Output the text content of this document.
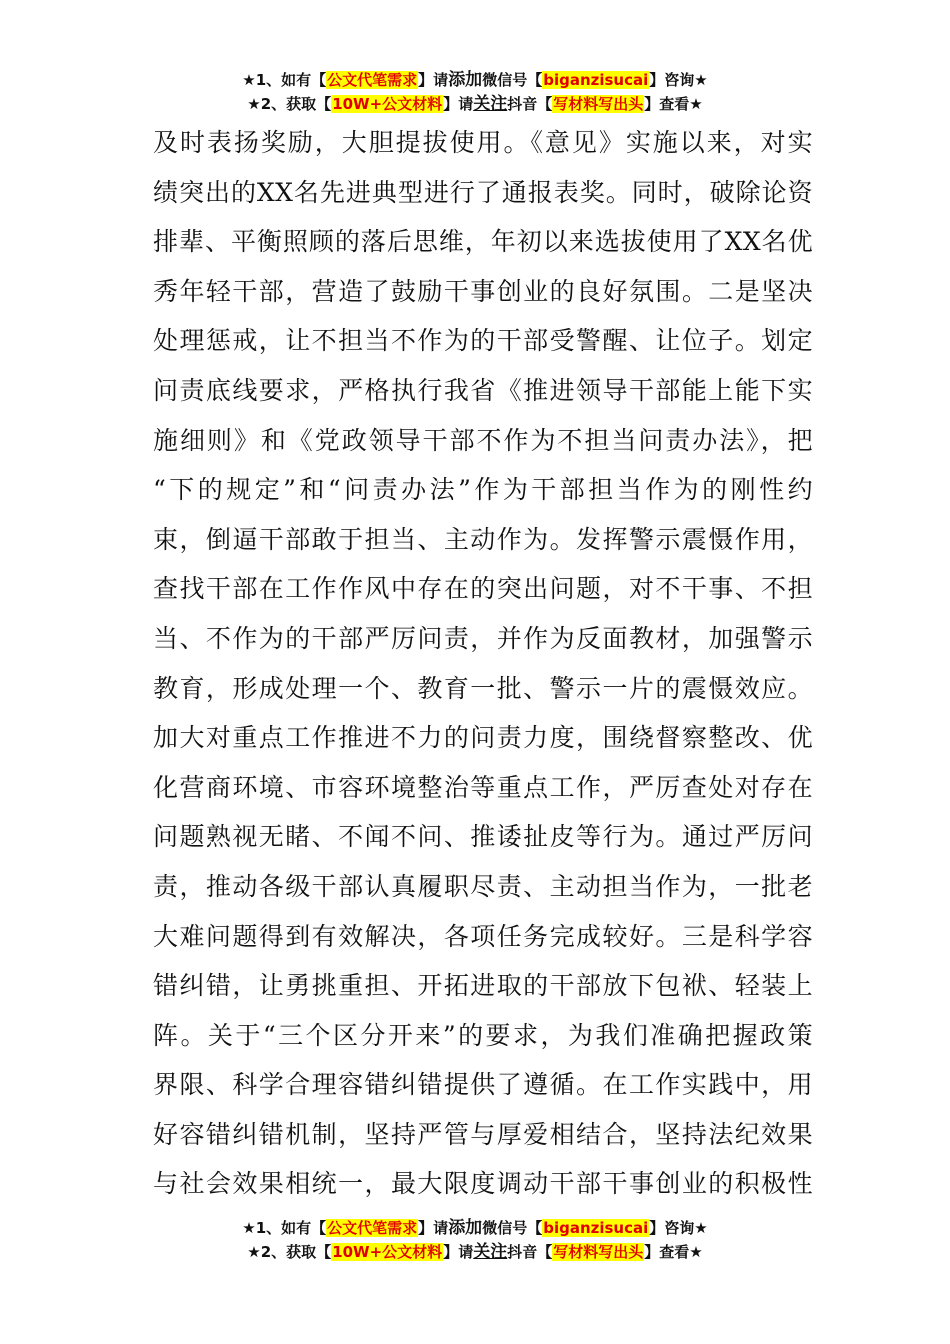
★1、如有【公文代笔需求】请添加微信号【biganzisucai】咨询★
★2、获取【10W+公文材料】请关注抖音【写材料写出头】查看★
及时表扬奖励，大胆提拔使用。《意见》实施以来，对实
绩突出的XX名先进典型进行了通报表奖。同时，破除论资
排辈、平衡照顾的落后思维，年初以来选拔使用了XX名优
秀年轻干部，营造了鼓励干事创业的良好氛围。二是坚决
处理惩戒，让不担当不作为的干部受警醒、让位子。划定
问责底线要求，严格执行我省《推进领导干部能上能下实
施细则》和《党政领导干部不作为不担当问责办法》，把
“下的规定”和“问责办法”作为干部担当作为的刚性约
束，倒逼干部敢于担当、主动作为。发挥警示震慑作用，
查找干部在工作作风中存在的突出问题，对不干事、不担
当、不作为的干部严厉问责，并作为反面教材，加强警示
教育，形成处理一个、教育一批、警示一片的震慑效应。
加大对重点工作推进不力的问责力度，围绕督察整改、优
化营商环境、市容环境整治等重点工作，严厉查处对存在
问题熟视无睹、不闻不问、推诿扯皮等行为。通过严厉问
责，推动各级干部认真履职尽责、主动担当作为，一批老
大难问题得到有效解决，各项任务完成较好。三是科学容
错纠错，让勇挑重担、开拓进取的干部放下包袱、轻装上
阵。关于“三个区分开来”的要求，为我们准确把握政策
界限、科学合理容错纠错提供了遵循。在工作实践中，用
好容错纠错机制，坚持严管与厚爱相结合，坚持法纪效果
与社会效果相统一，最大限度调动干部干事创业的积极性
★1、如有【公文代笔需求】请添加微信号【biganzisucai】咨询★
★2、获取【10W+公文材料】请关注抖音【写材料写出头】查看★
